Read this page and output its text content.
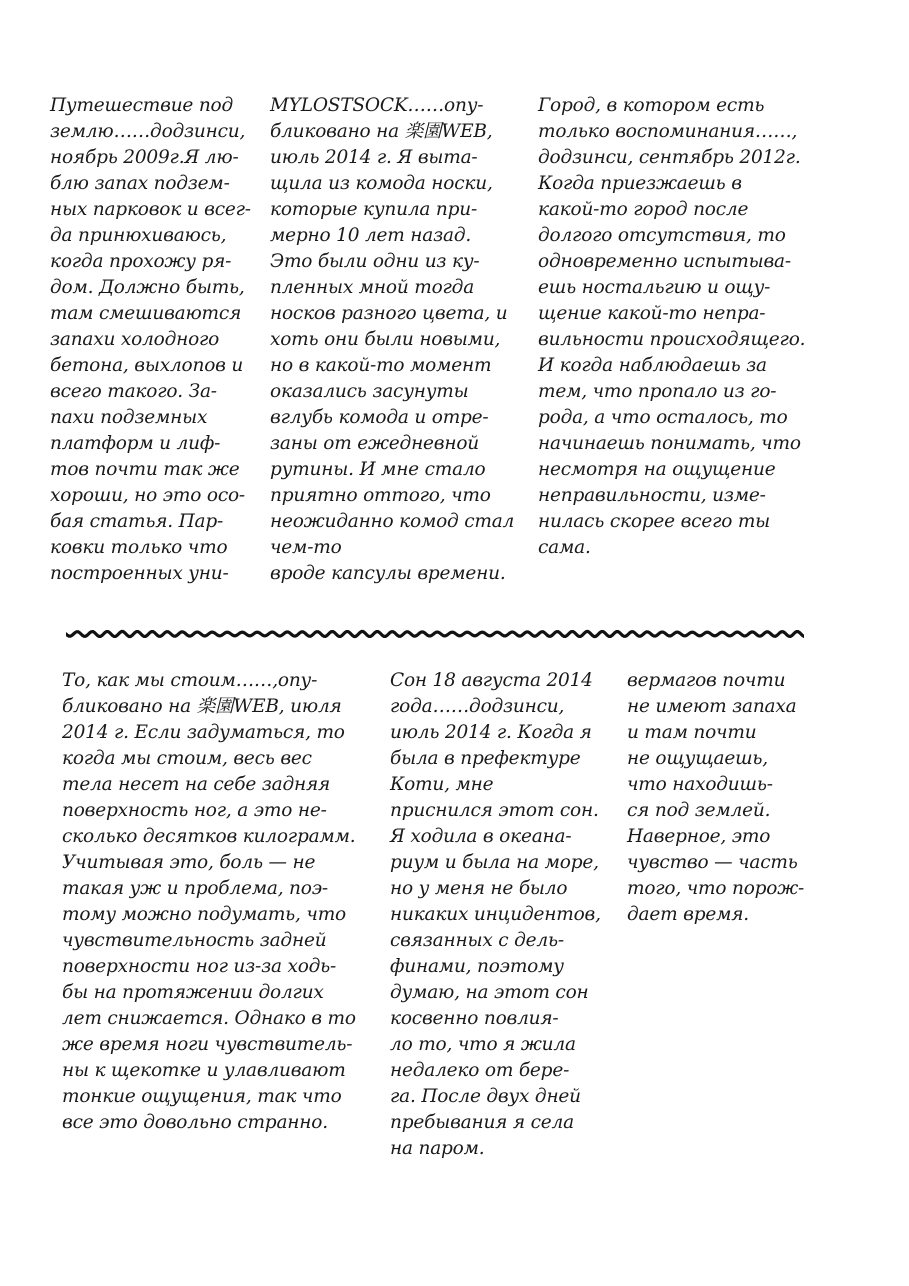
Путешествие под
землю……додзинси,
ноябрь 2009г.Я лю-
блю запах подзем-
ных парковок и всег-
да принюхиваюсь,
когда прохожу ря-
дом. Должно быть,
там смешиваются
запахи холодного
бетона, выхлопов и
всего такого. За-
пахи подземных
платформ и лиф-
тов почти так же
хороши, но это осо-
бая статья. Пар-
ковки только что
построенных уни-
MYLOSTSOCK……опу-
бликовано на 楽園WEB,
июль 2014 г. Я выта-
щила из комода носки,
которые купила при-
мерно 10 лет назад.
Это были одни из ку-
пленных мной тогда
носков разного цвета, и
хоть они были новыми,
но в какой-то момент
оказались засунуты
вглубь комода и отре-
заны от ежедневной
рутины. И мне стало
приятно оттого, что
неожиданно комод стал
чем-то
вроде капсулы времени.
Город, в котором есть
только воспоминания……,
додзинси, сентябрь 2012г.
Когда приезжаешь в
какой-то город после
долгого отсутствия, то
одновременно испытыва-
ешь ностальгию и ощу-
щение какой-то непра-
вильности происходящего.
И когда наблюдаешь за
тем, что пропало из го-
рода, а что осталось, то
начинаешь понимать, что
несмотря на ощущение
неправильности, изме-
нилась скорее всего ты
сама.
То, как мы стоим……,опу-
бликовано на 楽園WEB, июля
2014 г. Если задуматься, то
когда мы стоим, весь вес
тела несет на себе задняя
поверхность ног, а это не-
сколько десятков килограмм.
Учитывая это, боль — не
такая уж и проблема, поэ-
тому можно подумать, что
чувствительность задней
поверхности ног из-за ходь-
бы на протяжении долгих
лет снижается. Однако в то
же время ноги чувствитель-
ны к щекотке и улавливают
тонкие ощущения, так что
все это довольно странно.
Сон 18 августа 2014
года……додзинси,
июль 2014 г. Когда я
была в префектуре
Коти, мне
приснился этот сон.
Я ходила в океана-
риум и была на море,
но у меня не было
никаких инцидентов,
связанных с дель-
финами, поэтому
думаю, на этот сон
косвенно повлия-
ло то, что я жила
недалеко от бере-
га. После двух дней
пребывания я села
на паром.
вермагов почти
не имеют запаха
и там почти
не ощущаешь,
что находишь-
ся под землей.
Наверное, это
чувство — часть
того, что порож-
дает время.
